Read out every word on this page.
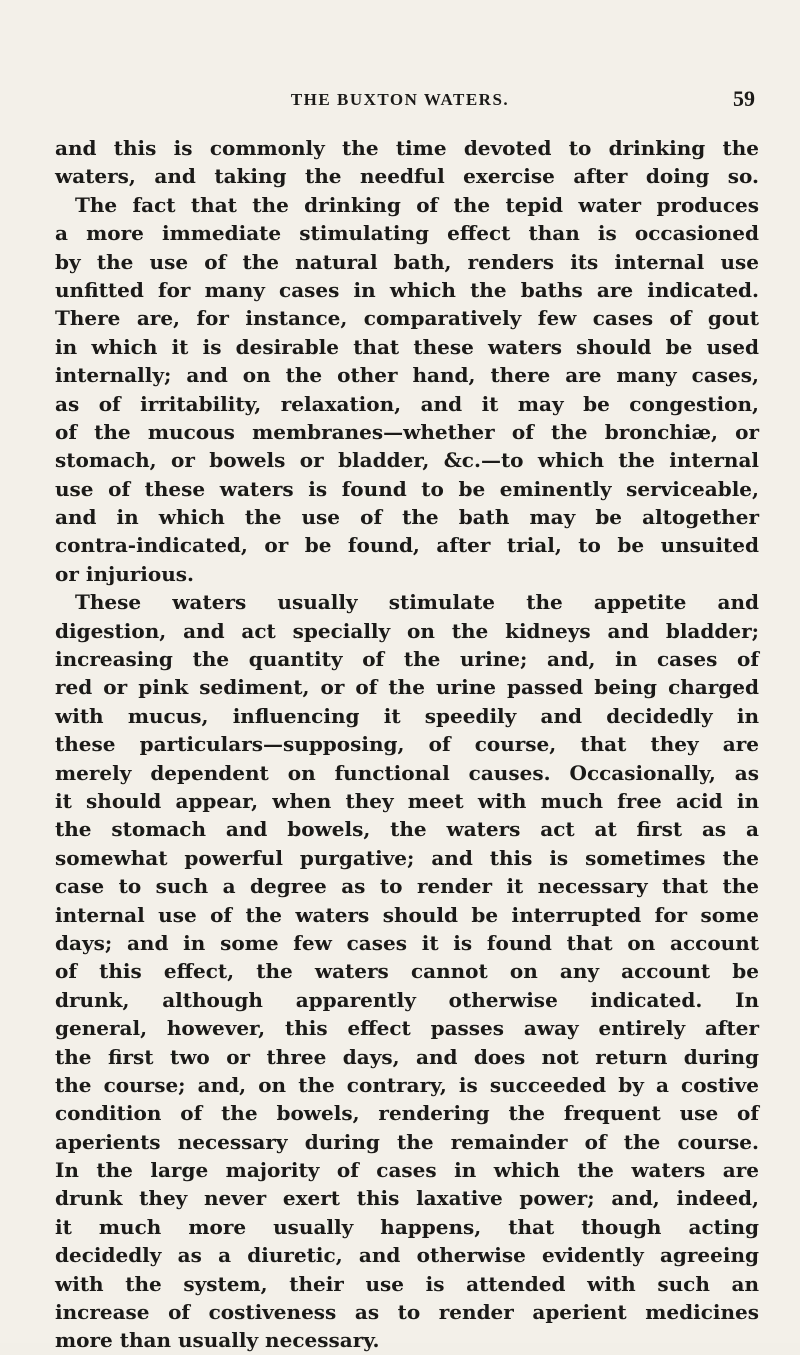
THE BUXTON WATERS.	59
and this is commonly the time devoted to drinking the
waters, and taking the needful exercise after doing so.
The fact that the drinking of the tepid water produces
a more immediate stimulating effect than is occasioned
by the use of the natural bath, renders its internal use
unfitted for many cases in which the baths are indicated.
There are, for instance, comparatively few cases of gout
in which it is desirable that these waters should be used
internally; and on the other hand, there are many cases,
as of irritability, relaxation, and it may be congestion,
of the mucous membranes—whether of the bronchiæ, or
stomach, or bowels or bladder, &c.—to which the internal
use of these waters is found to be eminently serviceable,
and in which the use of the bath may be altogether
contra-indicated, or be found, after trial, to be unsuited
or injurious.
These waters usually stimulate the appetite and
digestion, and act specially on the kidneys and bladder;
increasing the quantity of the urine; and, in cases of
red or pink sediment, or of the urine passed being charged
with mucus, influencing it speedily and decidedly in
these particulars—supposing, of course, that they are
merely dependent on functional causes. Occasionally, as
it should appear, when they meet with much free acid in
the stomach and bowels, the waters act at first as a
somewhat powerful purgative; and this is sometimes the
case to such a degree as to render it necessary that the
internal use of the waters should be interrupted for some
days; and in some few cases it is found that on account
of this effect, the waters cannot on any account be
drunk, although apparently otherwise indicated. In
general, however, this effect passes away entirely after
the first two or three days, and does not return during
the course; and, on the contrary, is succeeded by a costive
condition of the bowels, rendering the frequent use of
aperients necessary during the remainder of the course.
In the large majority of cases in which the waters are
drunk they never exert this laxative power; and, indeed,
it much more usually happens, that though acting
decidedly as a diuretic, and otherwise evidently agreeing
with the system, their use is attended with such an
increase of costiveness as to render aperient medicines
more than usually necessary.
